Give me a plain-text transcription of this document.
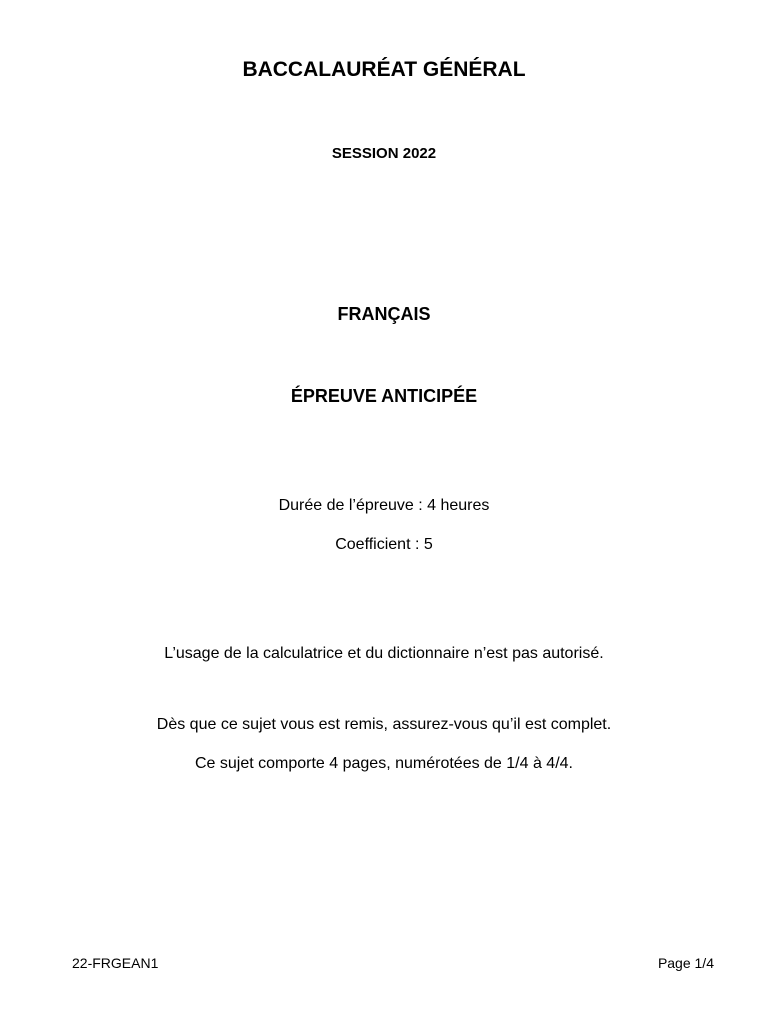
BACCALAURÉAT GÉNÉRAL
SESSION 2022
FRANÇAIS
ÉPREUVE ANTICIPÉE
Durée de l’épreuve : 4 heures
Coefficient : 5
L’usage de la calculatrice et du dictionnaire n’est pas autorisé.
Dès que ce sujet vous est remis, assurez-vous qu’il est complet.
Ce sujet comporte 4 pages, numérotées de 1/4 à 4/4.
22-FRGEAN1	Page 1/4
